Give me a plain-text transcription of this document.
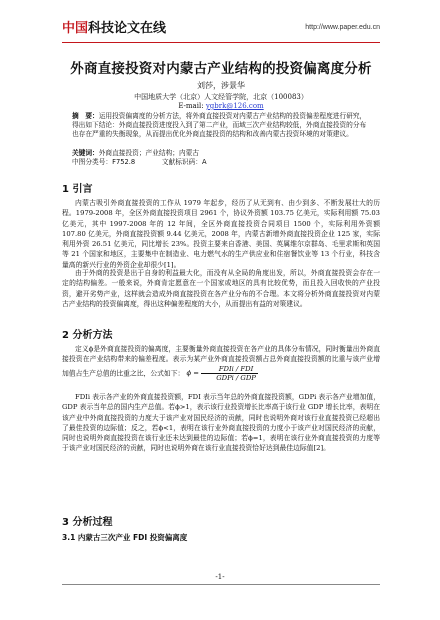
中国科技论文在线	http://www.paper.edu.cn
外商直接投资对内蒙古产业结构的投资偏离度分析
刘莎，涉景华
中国地质大学（北京）人文经管学院，北京（100083）
E-mail: ygbrk@126.com
摘　要：运用投资偏离度的分析方法，将外商直接投资对内蒙古产业结构的投资偏差程度进行研究，得出如下结论：外商直接投资进度投入到了第二产业，而域三次产业结构较低，外商直接投资的分布也存在严重的失衡现象，从而提出优化外商直接投资的结构和改善内蒙古投资环境的对策建议。
关键词：外商直接投资；产业结构；内蒙古
中图分类号：F752.8　　　　文献标识码：A
1 引言
内蒙古吸引外商直接投资的工作从 1979 年起步，经历了从无到有、由少到多、不断发展壮大的历程。1979-2008 年，全区外商直接投资项目 2961 个，协议外资额 103.75 亿美元，实际利用额 75.03 亿美元，其中 1997-2008 年的 12 年间，全区外商直接投资合同项目 1500 个，实际利用外资额 107.80 亿美元，外商直接投资额 9.44 亿美元，2008 年，内蒙古新增外商直接投资企业 125 家，实际利用外资 26.51 亿美元，同比增长 23%。投资主要来自香港、美国、英属维尔京群岛、毛里求斯和英国等 21 个国家和地区，主要集中在制造业、电力燃气水的生产供应业和住宿餐饮业等 13 个行业，科技含量高的新兴行业的外资企业却很少[1]。
由于外商的投资是出于自身的利益最大化，而没有从全局的角度出发，所以，外商直接投资会存在一定的结构偏差。一般来说，外商肯定愿意在一个国家或地区的具有比较优势，而且投入回收快的产业投资，避开劣势产业，这样就会造成外商直接投资在各产业分布的不合理。本文将分析外商直接投资对内蒙古产业结构的投资偏离度，得出这种偏差程度的大小，从而提出有益的对策建议。
2 分析方法
定义ϕ是外商直接投资的偏离度，主要衡量外商直接投资在各产业的具体分布情况，同时衡量出外商直接投资在产业结构带来的偏差程度。表示为某产业外商直接投资额占总外商直接投资额的比重与该产业增加值占生产总值的比重之比，公式如下： $\phi = \frac{\text{FDIi / FDI}}{\text{GDPi / GDP}}$
FDIi 表示各产业的外商直接投资额，FDI 表示当年总的外商直接投资额，GDPi 表示各产业增加值，GDP 表示当年总的国内生产总值。若ϕ>1，表示该行业投资增长比率高于该行业 GDP 增长比率，表明在该产业中外商直接投资的力度大于该产业对国民经济的贡献，同时也说明外商对该行业直接投资已经超出了最佳投资的边际值；反之，若ϕ<1，表明在该行业外商直接投资的力度小于该产业对国民经济的贡献，同时也说明外商直接投资在该行业还未达到最佳的边际值；若ϕ=1，表明在该行业外商直接投资的力度等于该产业对国民经济的贡献，同时也说明外商在该行业直接投资恰好达到最佳边际值[2]。
3 分析过程
3.1 内蒙古三次产业 FDI 投资偏离度
-1-
